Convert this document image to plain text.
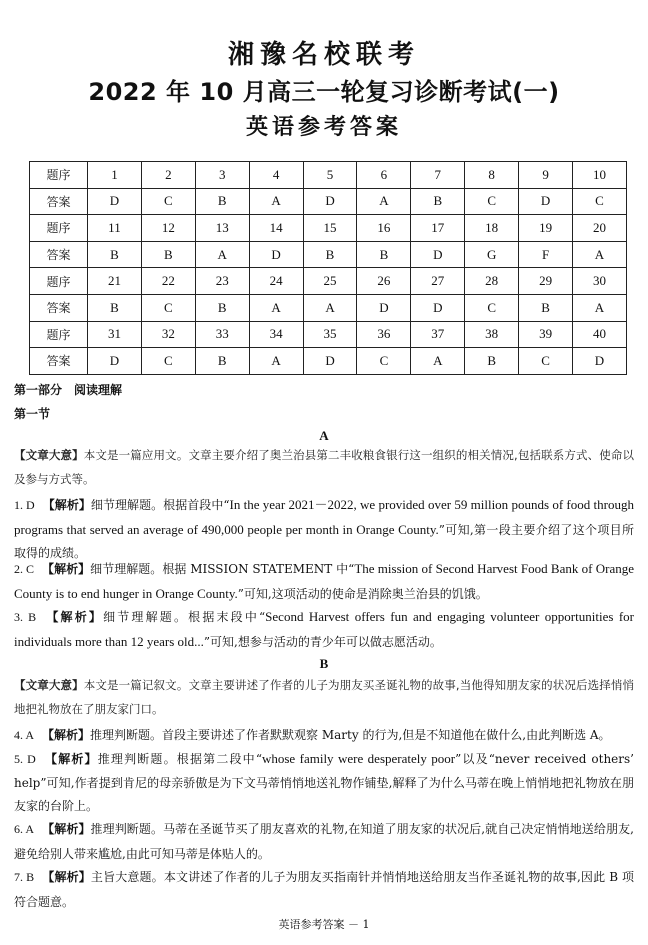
湘豫名校联考
2022 年 10 月高三一轮复习诊断考试(一)
英语参考答案
题序	1	2	3	4	5	6	7	8	9	10
答案	D	C	B	A	D	A	B	C	D	C
题序	11	12	13	14	15	16	17	18	19	20
答案	B	B	A	D	B	B	D	G	F	A
题序	21	22	23	24	25	26	27	28	29	30
答案	B	C	B	A	A	D	D	C	B	A
题序	31	32	33	34	35	36	37	38	39	40
答案	D	C	B	A	D	C	A	B	C	D
第一部分　阅读理解
第一节
A
【文章大意】本文是一篇应用文。文章主要介绍了奥兰治县第二丰收粮食银行这一组织的相关情况,包括联系方式、使命以及参与方式等。
1. D 【解析】细节理解题。根据首段中“In the year 2021－2022, we provided over 59 million pounds of food through programs that served an average of 490,000 people per month in Orange County.”可知,第一段主要介绍了这个项目所取得的成绩。
2. C 【解析】细节理解题。根据 MISSION STATEMENT 中“The mission of Second Harvest Food Bank of Orange County is to end hunger in Orange County.”可知,这项活动的使命是消除奥兰治县的饥饿。
3. B 【解析】细节理解题。根据末段中“Second Harvest offers fun and engaging volunteer opportunities for individuals more than 12 years old...”可知,想参与活动的青少年可以做志愿活动。
B
【文章大意】本文是一篇记叙文。文章主要讲述了作者的儿子为朋友买圣诞礼物的故事,当他得知朋友家的状况后选择悄悄地把礼物放在了朋友家门口。
4. A 【解析】推理判断题。首段主要讲述了作者默默观察 Marty 的行为,但是不知道他在做什么,由此判断选 A。
5. D 【解析】推理判断题。根据第二段中“whose family were desperately poor”以及“never received others’ help”可知,作者提到肯尼的母亲骄傲是为下文马蒂悄悄地送礼物作铺垫,解释了为什么马蒂在晚上悄悄地把礼物放在朋友家的台阶上。
6. A 【解析】推理判断题。马蒂在圣诞节买了朋友喜欢的礼物,在知道了朋友家的状况后,就自己决定悄悄地送给朋友,避免给别人带来尴尬,由此可知马蒂是体贴人的。
7. B 【解析】主旨大意题。本文讲述了作者的儿子为朋友买指南针并悄悄地送给朋友当作圣诞礼物的故事,因此 B 项符合题意。
英语参考答案 － 1
